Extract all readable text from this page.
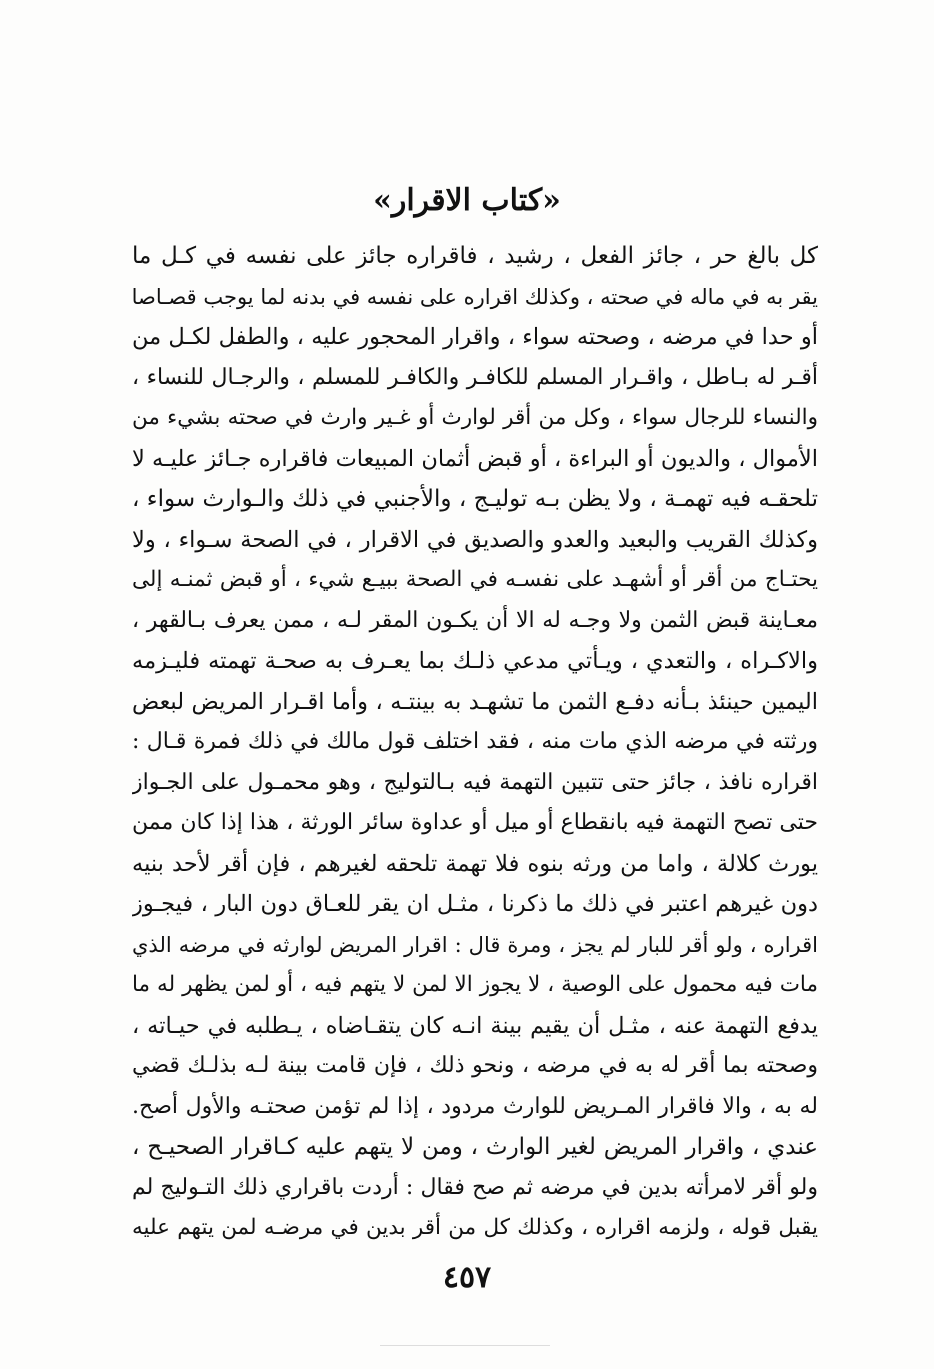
«كتاب الاقرار»
كل بالغ حر ، جائز الفعل ، رشيد ، فاقراره جائز على نفسه في كـل ما
يقر به في ماله في صحته ، وكذلك اقراره على نفسه في بدنه لما يوجب قصـاصا
أو حدا في مرضه ، وصحته سواء ، واقرار المحجور عليه ، والطفل لكـل من
أقـر له بـاطل ، واقـرار المسلم للكافـر والكافـر للمسلم ، والرجـال للنساء ،
والنساء للرجال سواء ، وكل من أقر لوارث أو غـير وارث في صحته بشيء من
الأموال ، والديون أو البراءة ، أو قبض أثمان المبيعات فاقراره جـائز عليـه لا
تلحقـه فيه تهمـة ، ولا يظن بـه توليـج ، والأجنبي في ذلك والـوارث سواء ،
وكذلك القريب والبعيد والعدو والصديق في الاقرار ، في الصحة سـواء ، ولا
يحتـاج من أقر أو أشهـد على نفسـه في الصحة ببيـع شيء ، أو قبض ثمنـه إلى
معـاينة قبض الثمن ولا وجـه له الا أن يكـون المقر لـه ، ممن يعرف بـالقهر ،
والاكـراه ، والتعدي ، ويـأتي مدعي ذلـك بما يعـرف به صحـة تهمته فليـزمه
اليمين حينئذ بـأنه دفـع الثمن ما تشهـد به بينتـه ، وأما اقـرار المريض لبعض
ورثته في مرضه الذي مات منه ، فقد اختلف قول مالك في ذلك فمرة قـال :
اقراره نافذ ، جائز حتى تتبين التهمة فيه بـالتوليج ، وهو محمـول على الجـواز
حتى تصح التهمة فيه بانقطاع أو ميل أو عداوة سائر الورثة ، هذا إذا كان ممن
يورث كلالة ، واما من ورثه بنوه فلا تهمة تلحقه لغيرهم ، فإن أقر لأحد بنيه
دون غيرهم اعتبر في ذلك ما ذكرنا ، مثـل ان يقر للعـاق دون البار ، فيجـوز
اقراره ، ولو أقر للبار لم يجز ، ومرة قال : اقرار المريض لوارثه في مرضه الذي
مات فيه محمول على الوصية ، لا يجوز الا لمن لا يتهم فيه ، أو لمن يظهر له ما
يدفع التهمة عنه ، مثـل أن يقيم بينة انـه كان يتقـاضاه ، يـطلبه في حيـاته ،
وصحته بما أقر له به في مرضه ، ونحو ذلك ، فإن قامت بينة لـه بذلـك قضي
له به ، والا فاقرار المـريض للوارث مردود ، إذا لم تؤمن صحتـه والأول أصح.
عندي ، واقرار المريض لغير الوارث ، ومن لا يتهم عليه كـاقرار الصحيـح ،
ولو أقر لامرأته بدين في مرضه ثم صح فقال : أردت باقراري ذلك التـوليج لم
يقبل قوله ، ولزمه اقراره ، وكذلك كل من أقر بدين في مرضـه لمن يتهم عليه
٤٥٧
